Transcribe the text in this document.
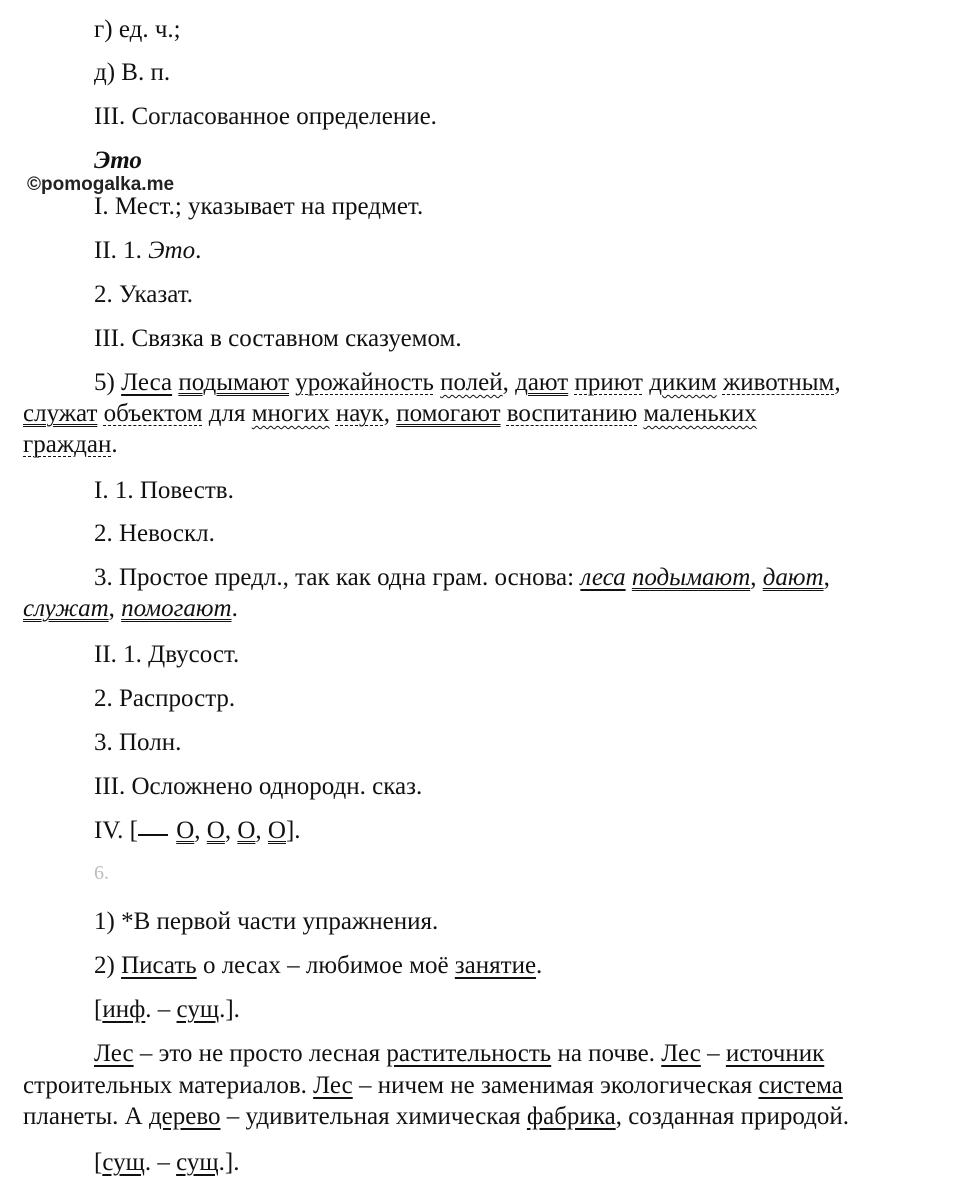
г) ед. ч.;
д) В. п.
III. Согласованное определение.
Это
©pomogalka.me
I. Мест.; указывает на предмет.
II. 1. Это.
2. Указат.
III. Связка в составном сказуемом.
5) Леса подымают урожайность полей, дают приют диким животным,
служат объектом для многих наук, помогают воспитанию маленьких
граждан.
I. 1. Повеств.
2. Невоскл.
3. Простое предл., так как одна грам. основа: леса подымают, дают,
служат, помогают.
II. 1. Двусост.
2. Распростр.
3. Полн.
III. Осложнено однородн. сказ.
IV. [ О, О, О, О].
6.
1) *В первой части упражнения.
2) Писать о лесах – любимое моё занятие.
[инф. – сущ.].
Лес – это не просто лесная растительность на почве. Лес – источник
строительных материалов. Лес – ничем не заменимая экологическая система
планеты. А дерево – удивительная химическая фабрика, созданная природой.
[сущ. – сущ.].
